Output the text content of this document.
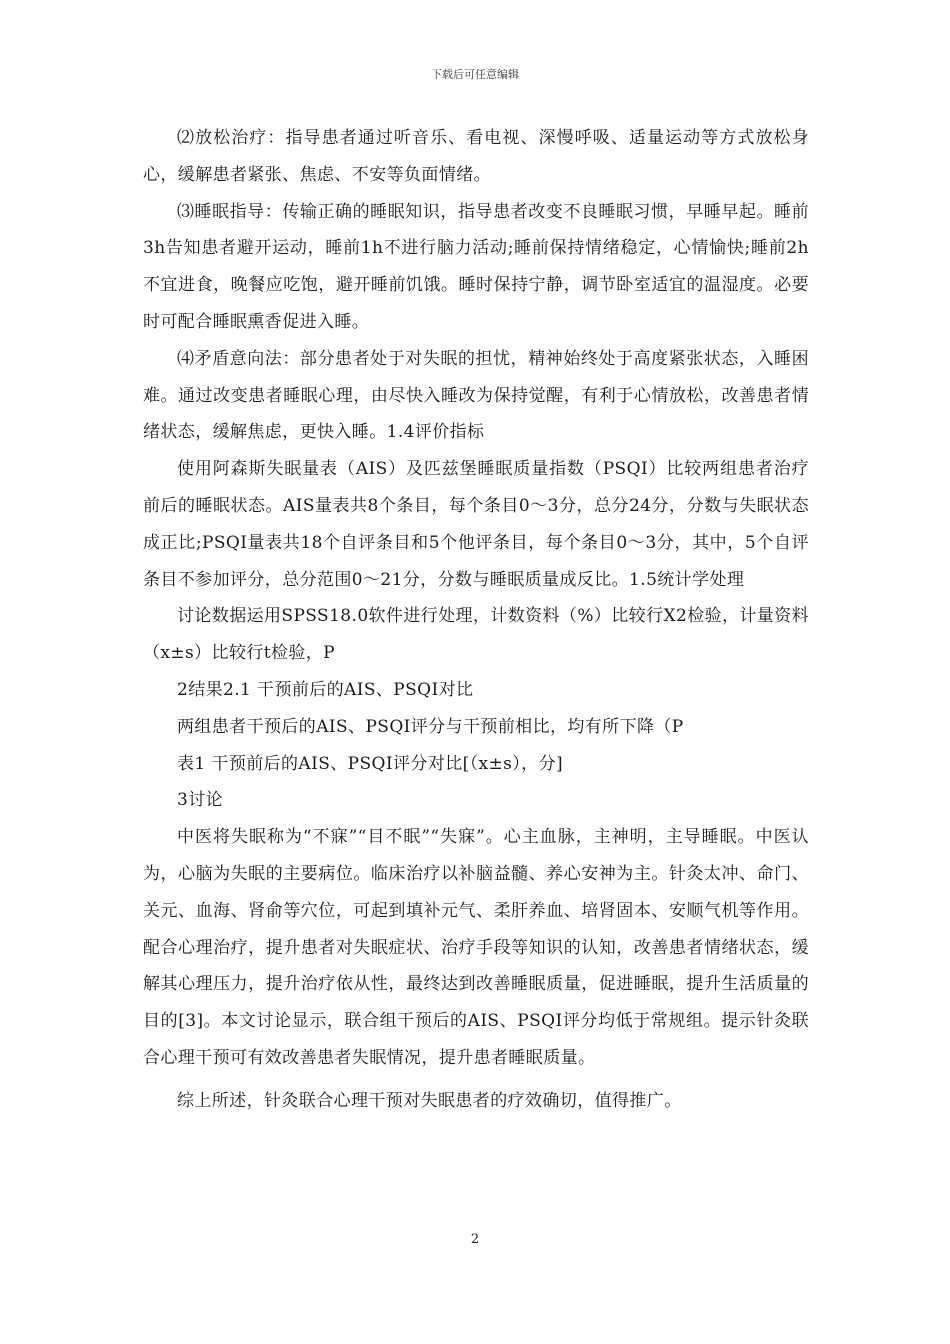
下载后可任意编辑

⑵放松治疗：指导患者通过听音乐、看电视、深慢呼吸、适量运动等方式放松身心，缓解患者紧张、焦虑、不安等负面情绪。

⑶睡眠指导：传输正确的睡眠知识，指导患者改变不良睡眠习惯，早睡早起。睡前3h告知患者避开运动，睡前1h不进行脑力活动;睡前保持情绪稳定，心情愉快;睡前2h不宜进食，晚餐应吃饱，避开睡前饥饿。睡时保持宁静，调节卧室适宜的温湿度。必要时可配合睡眠熏香促进入睡。

⑷矛盾意向法：部分患者处于对失眠的担忧，精神始终处于高度紧张状态，入睡困难。通过改变患者睡眠心理，由尽快入睡改为保持觉醒，有利于心情放松，改善患者情绪状态，缓解焦虑，更快入睡。1.4评价指标

使用阿森斯失眠量表（AIS）及匹兹堡睡眠质量指数（PSQI）比较两组患者治疗前后的睡眠状态。AIS量表共8个条目，每个条目0～3分，总分24分，分数与失眠状态成正比;PSQI量表共18个自评条目和5个他评条目，每个条目0～3分，其中，5个自评条目不参加评分，总分范围0～21分，分数与睡眠质量成反比。1.5统计学处理

讨论数据运用SPSS18.0软件进行处理，计数资料（%）比较行X2检验，计量资料（x±s）比较行t检验，P

2结果2.1 干预前后的AIS、PSQI对比

两组患者干预后的AIS、PSQI评分与干预前相比，均有所下降（P

表1 干预前后的AIS、PSQI评分对比[（x±s），分]

3讨论

中医将失眠称为“不寐”“目不眠”“失寐”。心主血脉，主神明，主导睡眠。中医认为，心脑为失眠的主要病位。临床治疗以补脑益髓、养心安神为主。针灸太冲、命门、关元、血海、肾俞等穴位，可起到填补元气、柔肝养血、培肾固本、安顺气机等作用。配合心理治疗，提升患者对失眠症状、治疗手段等知识的认知，改善患者情绪状态，缓解其心理压力，提升治疗依从性，最终达到改善睡眠质量，促进睡眠，提升生活质量的目的[3]。本文讨论显示，联合组干预后的AIS、PSQI评分均低于常规组。提示针灸联合心理干预可有效改善患者失眠情况，提升患者睡眠质量。

综上所述，针灸联合心理干预对失眠患者的疗效确切，值得推广。

2
